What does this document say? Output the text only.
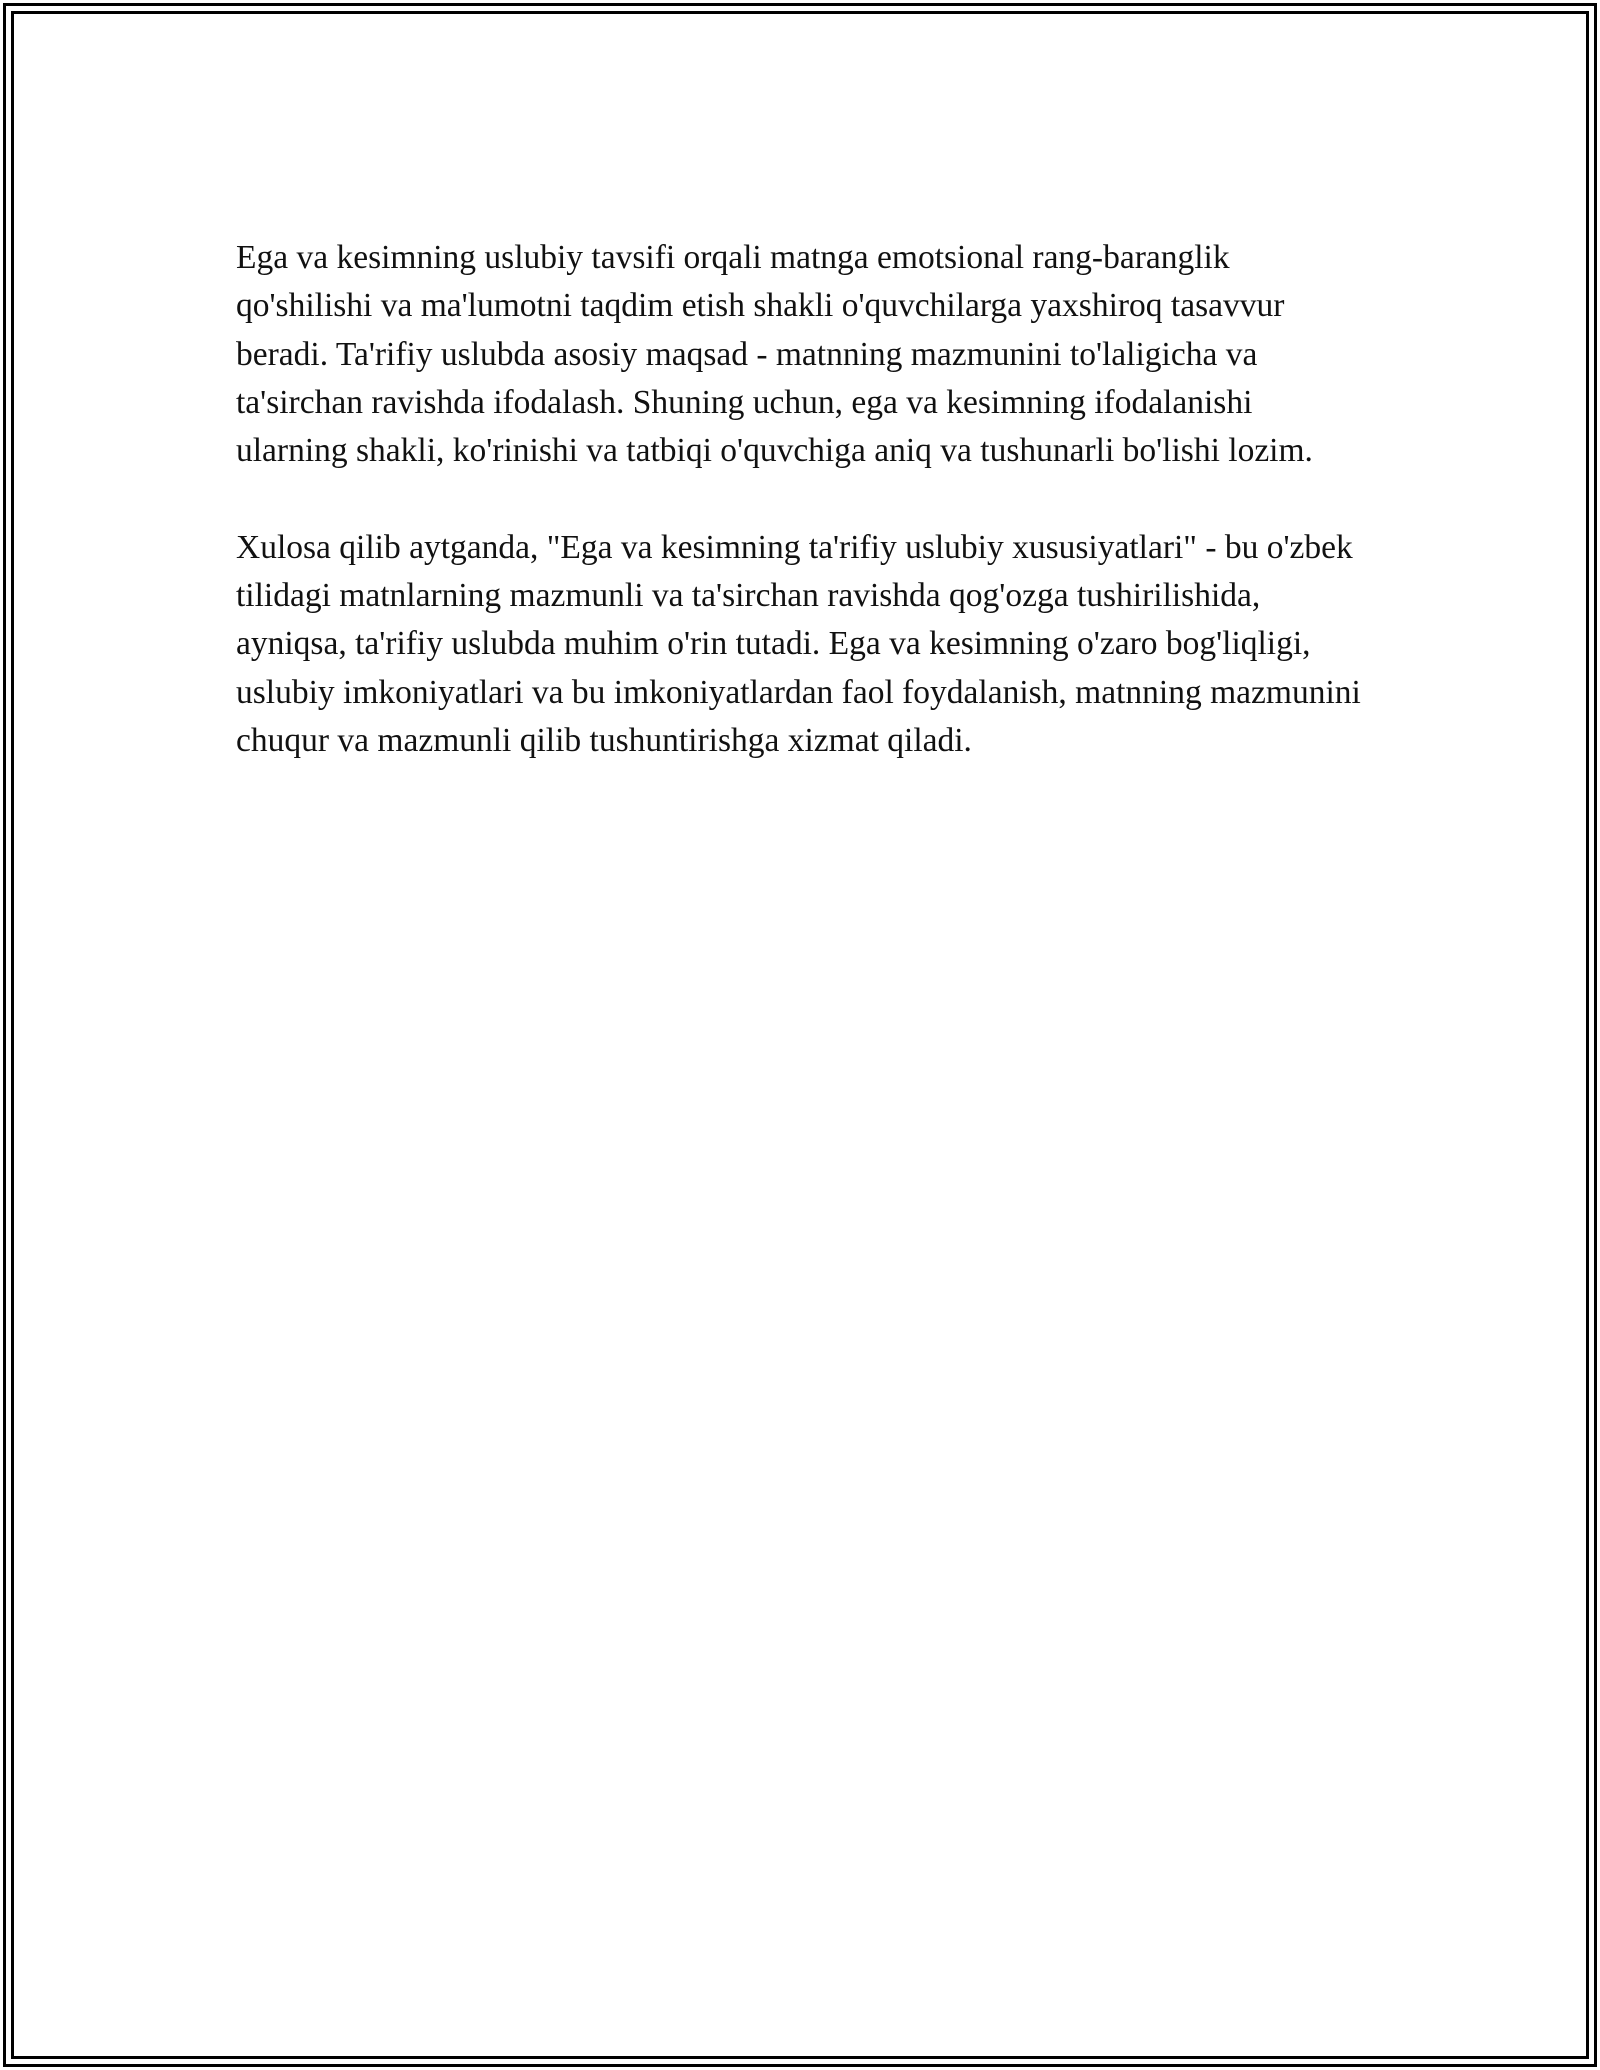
Ega va kesimning uslubiy tavsifi orqali matnga emotsional rang-baranglik qo'shilishi va ma'lumotni taqdim etish shakli o'quvchilarga yaxshiroq tasavvur beradi. Ta'rifiy uslubda asosiy maqsad - matnning mazmunini to'laligicha va ta'sirchan ravishda ifodalash. Shuning uchun, ega va kesimning ifodalanishi ularning shakli, ko'rinishi va tatbiqi o'quvchiga aniq va tushunarli bo'lishi lozim.

Xulosa qilib aytganda, "Ega va kesimning ta'rifiy uslubiy xususiyatlari" - bu o'zbek tilidagi matnlarning mazmunli va ta'sirchan ravishda qog'ozga tushirilishida, ayniqsa, ta'rifiy uslubda muhim o'rin tutadi. Ega va kesimning o'zaro bog'liqligi, uslubiy imkoniyatlari va bu imkoniyatlardan faol foydalanish, matnning mazmunini chuqur va mazmunli qilib tushuntirishga xizmat qiladi.
